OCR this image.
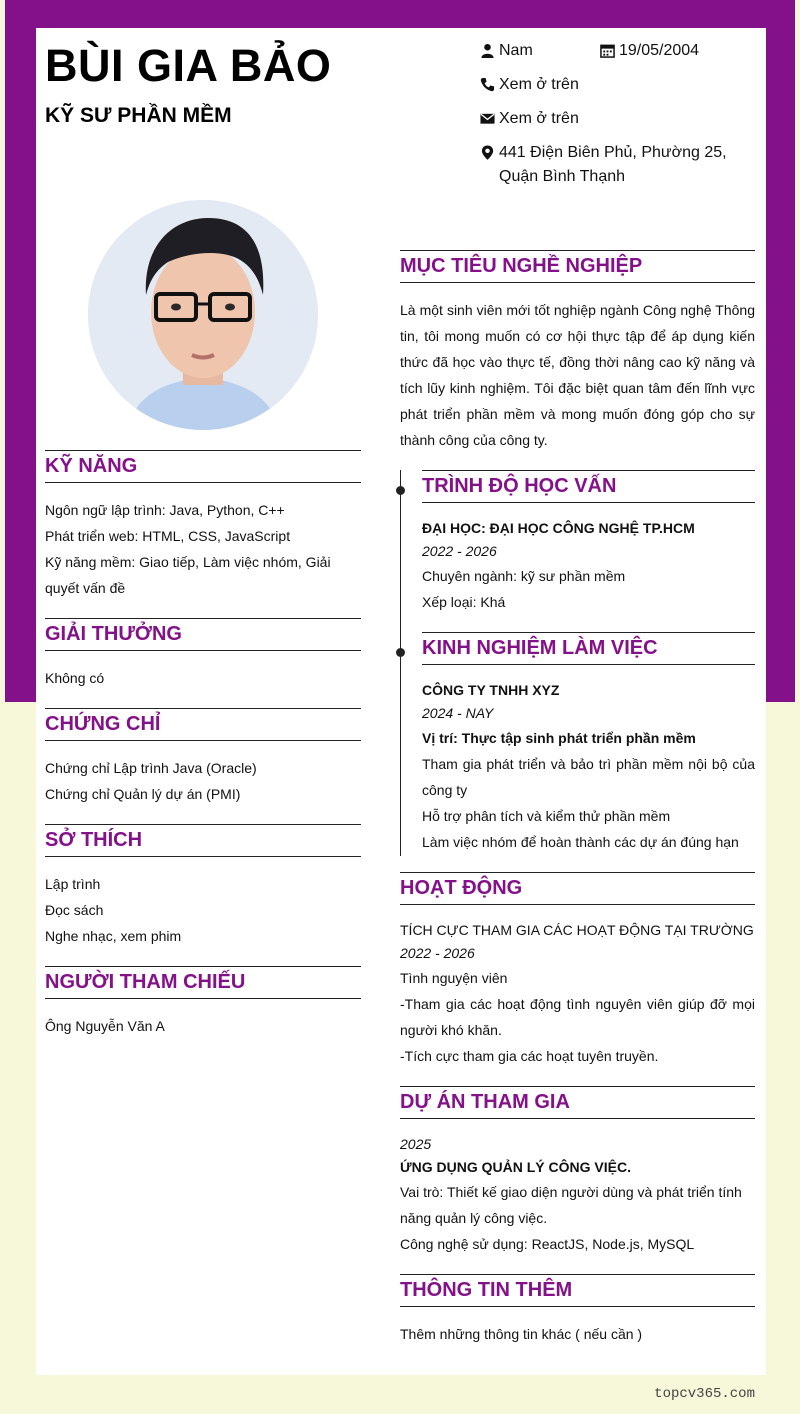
BÙI GIA BẢO
KỸ SƯ PHẦN MỀM
Nam	19/05/2004
Xem ở trên
Xem ở trên
441 Điện Biên Phủ, Phường 25,
Quận Bình Thạnh
KỸ NĂNG
Ngôn ngữ lập trình: Java, Python, C++
Phát triển web: HTML, CSS, JavaScript
Kỹ năng mềm: Giao tiếp, Làm việc nhóm, Giải quyết vấn đề
GIẢI THƯỞNG
Không có
CHỨNG CHỈ
Chứng chỉ Lập trình Java (Oracle)
Chứng chỉ Quản lý dự án (PMI)
SỞ THÍCH
Lập trình
Đọc sách
Nghe nhạc, xem phim
NGƯỜI THAM CHIẾU
Ông Nguyễn Văn A
MỤC TIÊU NGHỀ NGHIỆP
Là một sinh viên mới tốt nghiệp ngành Công nghệ Thông tin, tôi mong muốn có cơ hội thực tập để áp dụng kiến thức đã học vào thực tế, đồng thời nâng cao kỹ năng và tích lũy kinh nghiệm. Tôi đặc biệt quan tâm đến lĩnh vực phát triển phần mềm và mong muốn đóng góp cho sự thành công của công ty.
TRÌNH ĐỘ HỌC VẤN
ĐẠI HỌC: ĐẠI HỌC CÔNG NGHỆ TP.HCM
2022 - 2026
Chuyên ngành: kỹ sư phần mềm
Xếp loại: Khá
KINH NGHIỆM LÀM VIỆC
CÔNG TY TNHH XYZ
2024 - NAY
Vị trí: Thực tập sinh phát triển phần mềm
Tham gia phát triển và bảo trì phần mềm nội bộ của công ty
Hỗ trợ phân tích và kiểm thử phần mềm
Làm việc nhóm để hoàn thành các dự án đúng hạn
HOẠT ĐỘNG
TÍCH CỰC THAM GIA CÁC HOẠT ĐỘNG TẠI TRƯỜNG
2022 - 2026
Tình nguyện viên
-Tham gia các hoạt động tình nguyên viên giúp đỡ mọi người khó khăn.
-Tích cực tham gia các hoạt tuyên truyền.
DỰ ÁN THAM GIA
2025
ỨNG DỤNG QUẢN LÝ CÔNG VIỆC.
Vai trò: Thiết kế giao diện người dùng và phát triển tính năng quản lý công việc.
Công nghệ sử dụng: ReactJS, Node.js, MySQL
THÔNG TIN THÊM
Thêm những thông tin khác ( nếu cần )
topcv365.com
